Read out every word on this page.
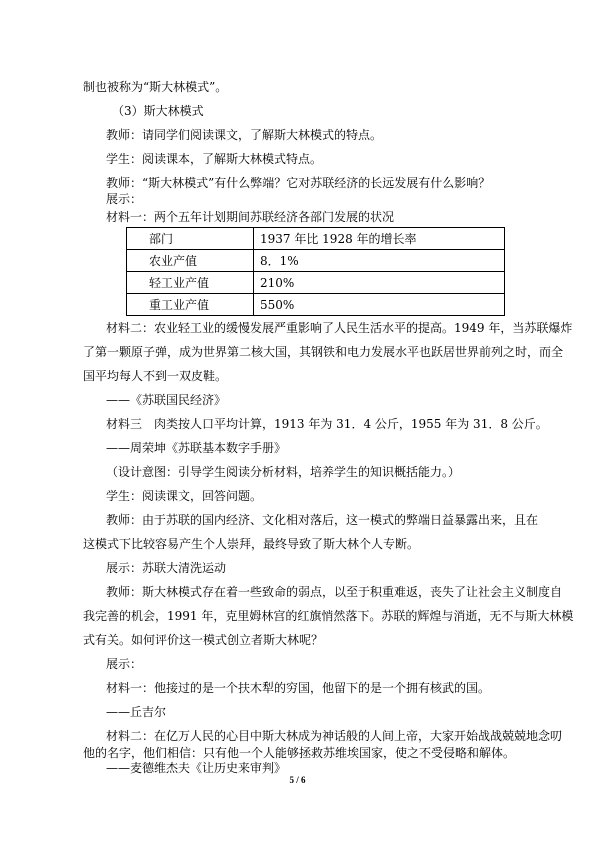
制也被称为“斯大林模式”。
（3）斯大林模式
教师：请同学们阅读课文，了解斯大林模式的特点。
学生：阅读课本，了解斯大林模式特点。
教师：“斯大林模式”有什么弊端？它对苏联经济的长远发展有什么影响？
展示：
材料一：两个五年计划期间苏联经济各部门发展的状况
部门	1937 年比 1928 年的增长率
农业产值	8．1%
轻工业产值	210%
重工业产值	550%
材料二：农业轻工业的缓慢发展严重影响了人民生活水平的提高。1949 年，当苏联爆炸
了第一颗原子弹，成为世界第二核大国，其钢铁和电力发展水平也跃居世界前列之时，而全
国平均每人不到一双皮鞋。
——《苏联国民经济》
材料三　肉类按人口平均计算，1913 年为 31．4 公斤，1955 年为 31．8 公斤。
——周荣坤《苏联基本数字手册》
（设计意图：引导学生阅读分析材料，培养学生的知识概括能力。）
学生：阅读课文，回答问题。
教师：由于苏联的国内经济、文化相对落后，这一模式的弊端日益暴露出来，且在
这模式下比较容易产生个人崇拜，最终导致了斯大林个人专断。
展示：苏联大清洗运动
教师：斯大林模式存在着一些致命的弱点，以至于积重难返，丧失了让社会主义制度自
我完善的机会，1991 年，克里姆林宫的红旗悄然落下。苏联的辉煌与消逝，无不与斯大林模
式有关。如何评价这一模式创立者斯大林呢？
展示：
材料一：他接过的是一个扶木犁的穷国，他留下的是一个拥有核武的国。
——丘吉尔
材料二：在亿万人民的心目中斯大林成为神话般的人间上帝，大家开始战战兢兢地念叨
他的名字，他们相信：只有他一个人能够拯救苏维埃国家，使之不受侵略和解体。
——麦德维杰夫《让历史来审判》
5 / 6
